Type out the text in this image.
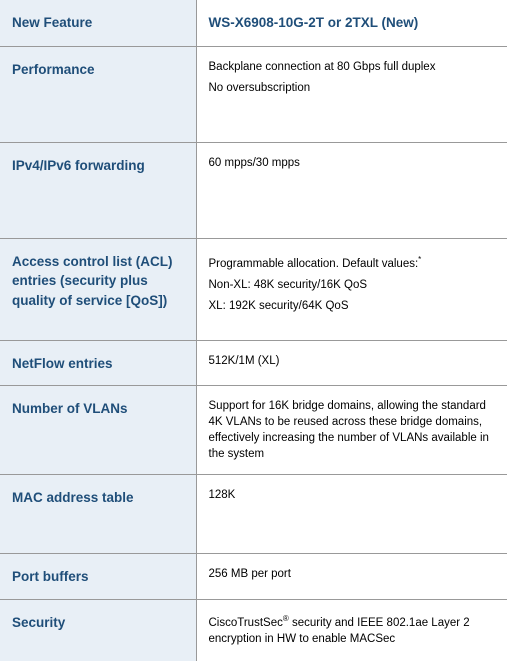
New Feature	WS-X6908-10G-2T or 2TXL (New)

Performance	Backplane connection at 80 Gbps full duplex
No oversubscription

IPv4/IPv6 forwarding	60 mpps/30 mpps

Access control list (ACL) entries (security plus quality of service [QoS])	Programmable allocation. Default values:*
Non-XL: 48K security/16K QoS
XL: 192K security/64K QoS

NetFlow entries	512K/1M (XL)

Number of VLANs	Support for 16K bridge domains, allowing the standard 4K VLANs to be reused across these bridge domains, effectively increasing the number of VLANs available in the system

MAC address table	128K

Port buffers	256 MB per port

Security	CiscoTrustSec® security and IEEE 802.1ae Layer 2 encryption in HW to enable MACSec
